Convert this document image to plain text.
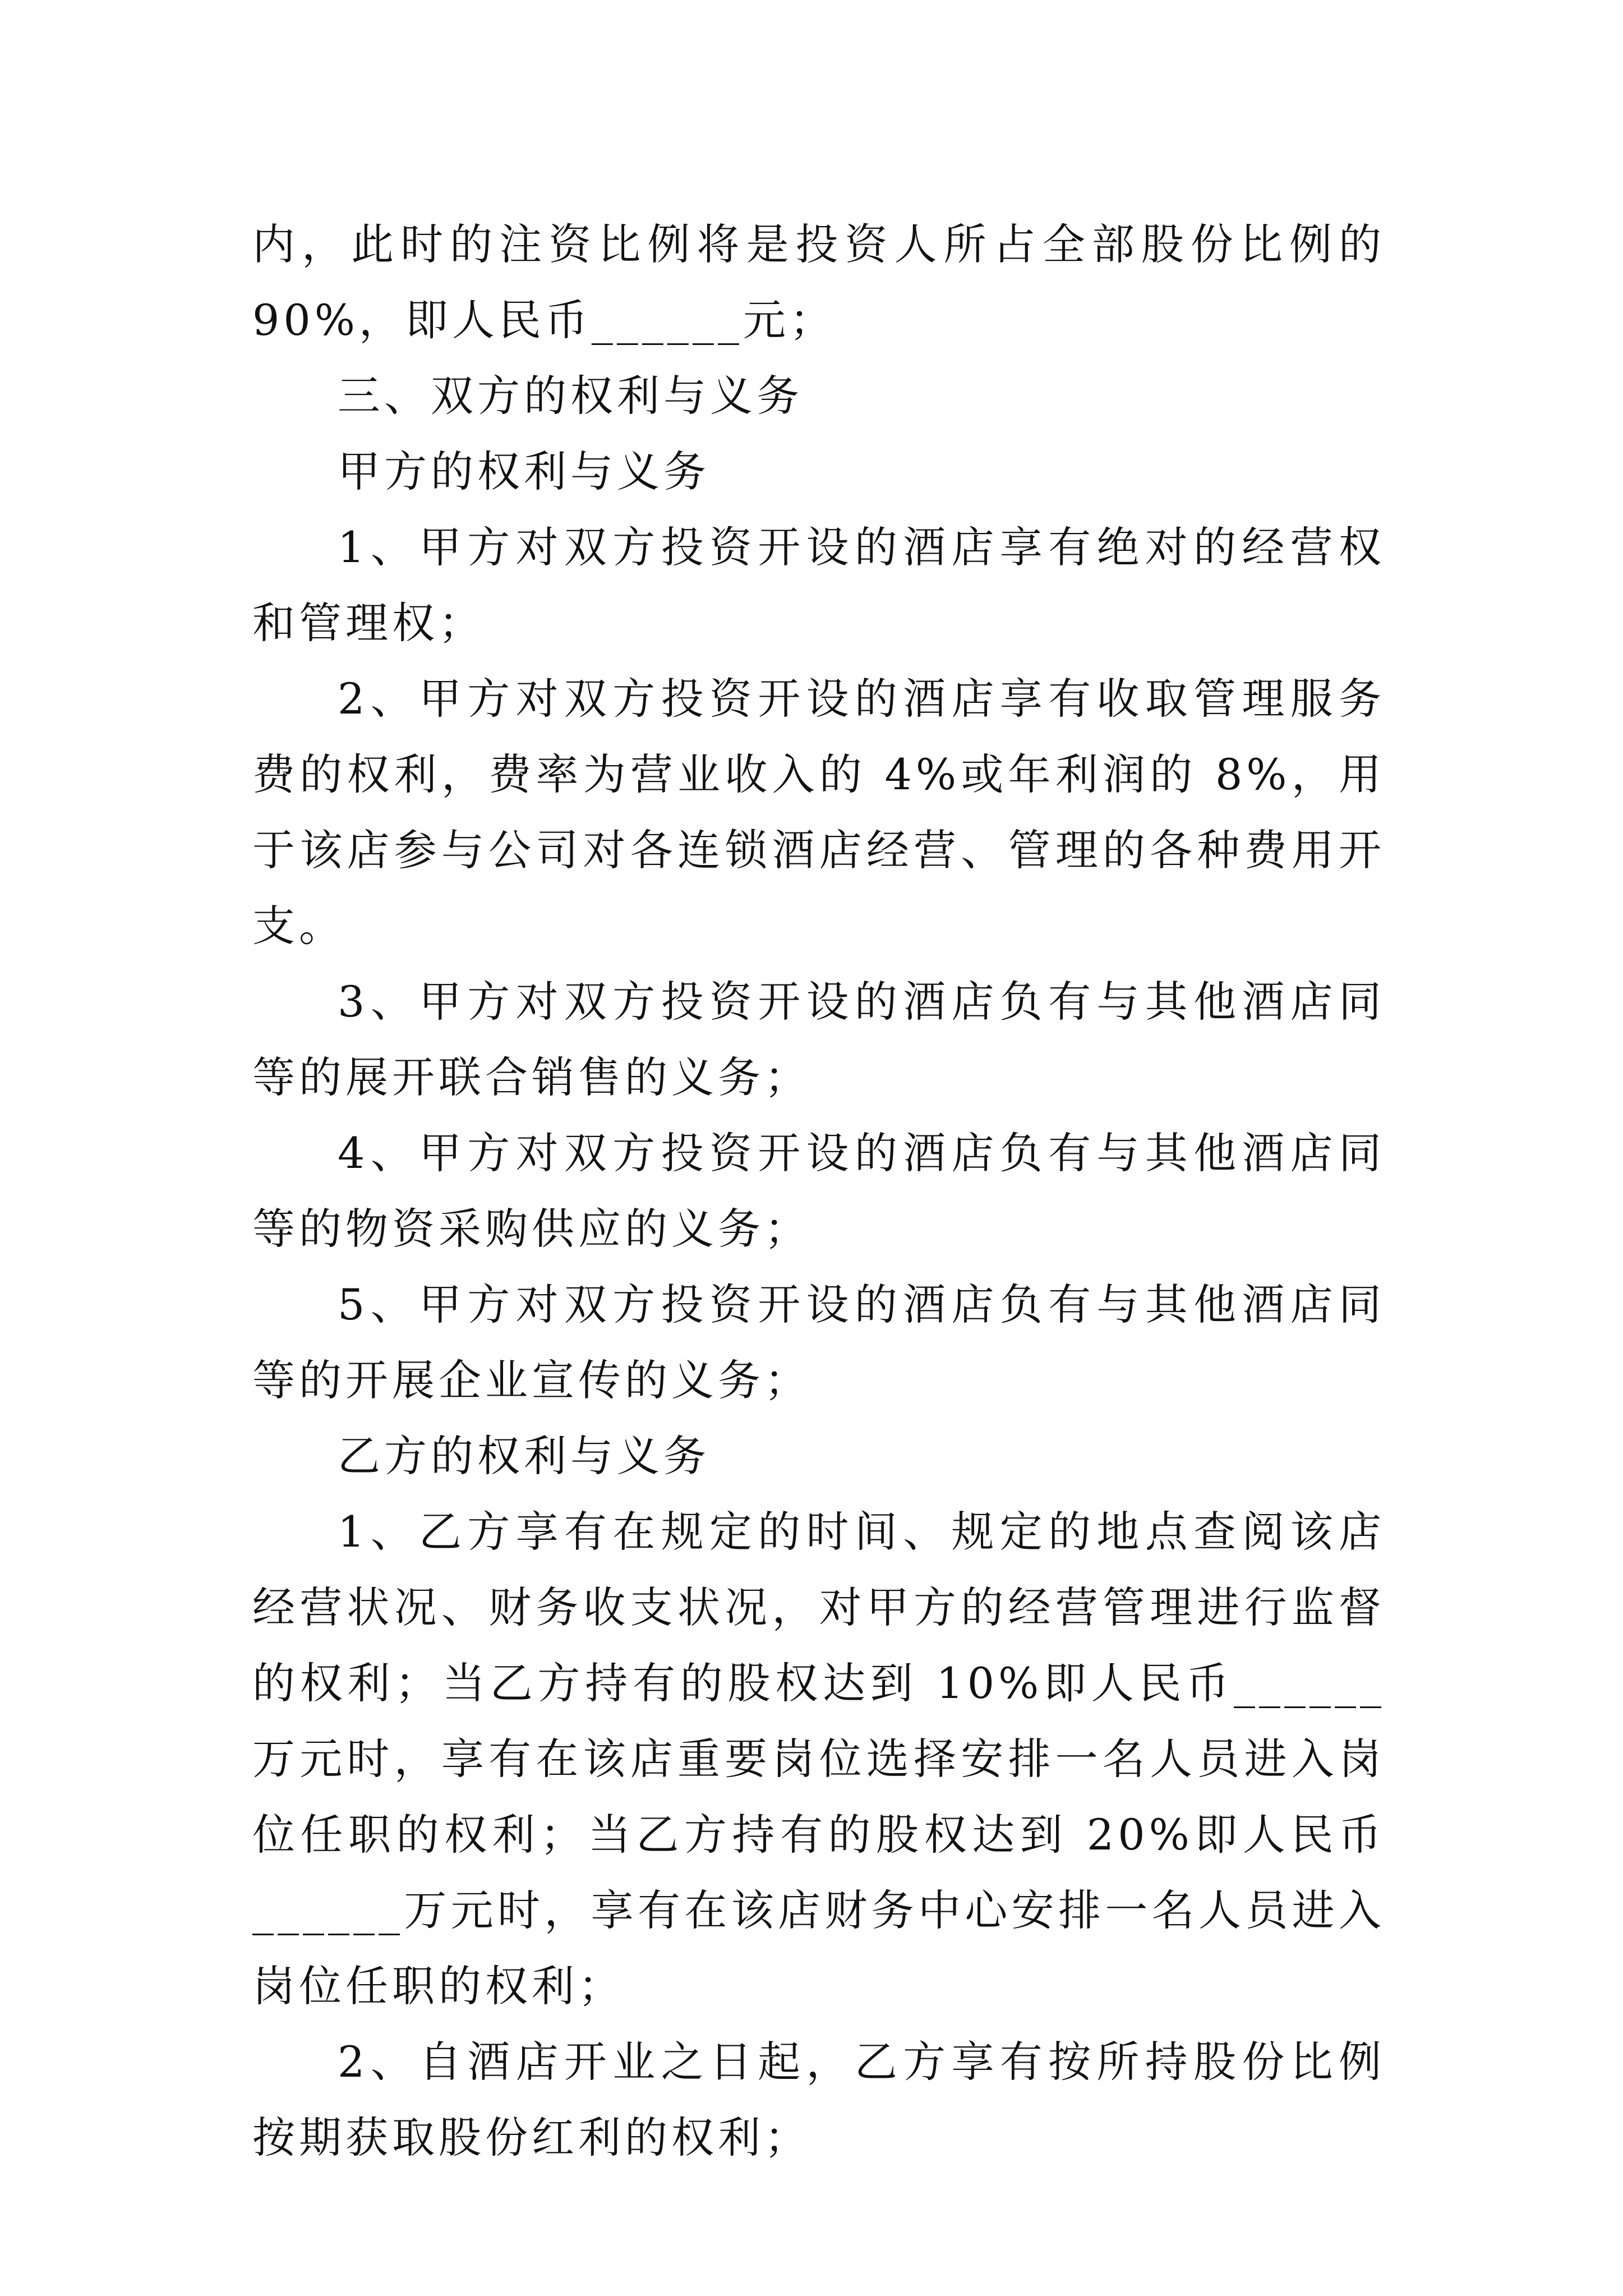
内，此时的注资比例将是投资人所占全部股份比例的 90%，即人民币______元；

三、双方的权利与义务

甲方的权利与义务

1、甲方对双方投资开设的酒店享有绝对的经营权和管理权；

2、甲方对双方投资开设的酒店享有收取管理服务费的权利，费率为营业收入的 4%或年利润的 8%，用于该店参与公司对各连锁酒店经营、管理的各种费用开支。

3、甲方对双方投资开设的酒店负有与其他酒店同等的展开联合销售的义务；

4、甲方对双方投资开设的酒店负有与其他酒店同等的物资采购供应的义务；

5、甲方对双方投资开设的酒店负有与其他酒店同等的开展企业宣传的义务；

乙方的权利与义务

1、乙方享有在规定的时间、规定的地点查阅该店经营状况、财务收支状况，对甲方的经营管理进行监督的权利；当乙方持有的股权达到 10%即人民币______万元时，享有在该店重要岗位选择安排一名人员进入岗位任职的权利；当乙方持有的股权达到 20%即人民币______万元时，享有在该店财务中心安排一名人员进入岗位任职的权利；

2、自酒店开业之日起，乙方享有按所持股份比例按期获取股份红利的权利；
